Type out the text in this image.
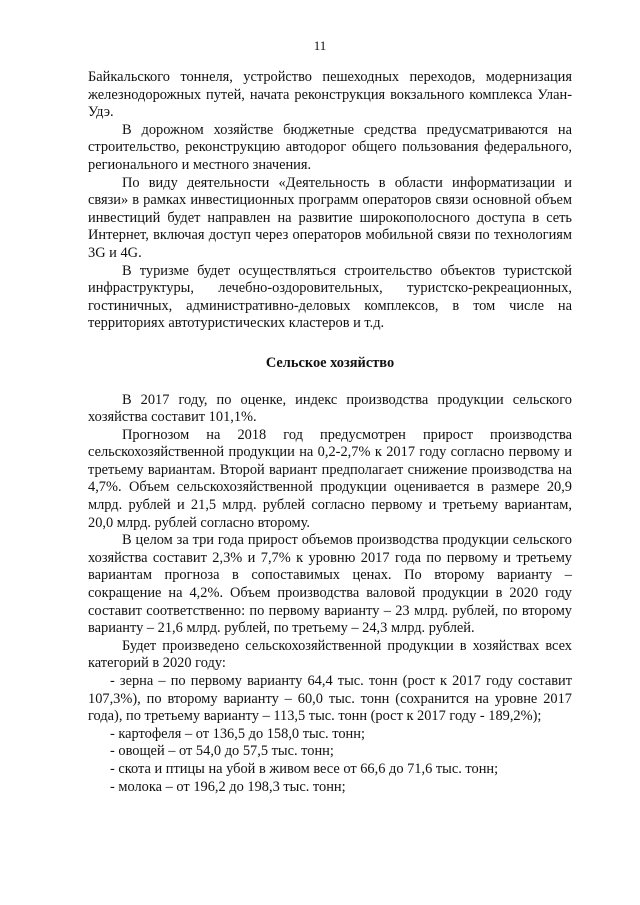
11

Байкальского тоннеля, устройство пешеходных переходов, модернизация железнодорожных путей, начата реконструкция вокзального комплекса Улан-Удэ.

В дорожном хозяйстве бюджетные средства предусматриваются на строительство, реконструкцию автодорог общего пользования федерального, регионального и местного значения.

По виду деятельности «Деятельность в области информатизации и связи» в рамках инвестиционных программ операторов связи основной объем инвестиций будет направлен на развитие широкополосного доступа в сеть Интернет, включая доступ через операторов мобильной связи по технологиям 3G и 4G.

В туризме будет осуществляться строительство объектов туристской инфраструктуры, лечебно-оздоровительных, туристско-рекреационных, гостиничных, административно-деловых комплексов, в том числе на территориях автотуристических кластеров и т.д.

Сельское хозяйство

В 2017 году, по оценке, индекс производства продукции сельского хозяйства составит 101,1%.

Прогнозом на 2018 год предусмотрен прирост производства сельскохозяйственной продукции на 0,2-2,7% к 2017 году согласно первому и третьему вариантам. Второй вариант предполагает снижение производства на 4,7%. Объем сельскохозяйственной продукции оценивается в размере 20,9 млрд. рублей и 21,5 млрд. рублей согласно первому и третьему вариантам, 20,0 млрд. рублей согласно второму.

В целом за три года прирост объемов производства продукции сельского хозяйства составит 2,3% и 7,7% к уровню 2017 года по первому и третьему вариантам прогноза в сопоставимых ценах. По второму варианту – сокращение на 4,2%. Объем производства валовой продукции в 2020 году составит соответственно: по первому варианту – 23 млрд. рублей, по второму варианту – 21,6 млрд. рублей, по третьему – 24,3 млрд. рублей.

Будет произведено сельскохозяйственной продукции в хозяйствах всех категорий в 2020 году:

- зерна – по первому варианту 64,4 тыс. тонн (рост к 2017 году составит 107,3%), по второму варианту – 60,0 тыс. тонн (сохранится на уровне 2017 года), по третьему варианту – 113,5 тыс. тонн (рост к 2017 году - 189,2%);

- картофеля – от 136,5 до 158,0 тыс. тонн;

- овощей – от 54,0 до 57,5 тыс. тонн;

- скота и птицы на убой в живом весе от 66,6 до 71,6 тыс. тонн;

- молока – от 196,2 до 198,3 тыс. тонн;
